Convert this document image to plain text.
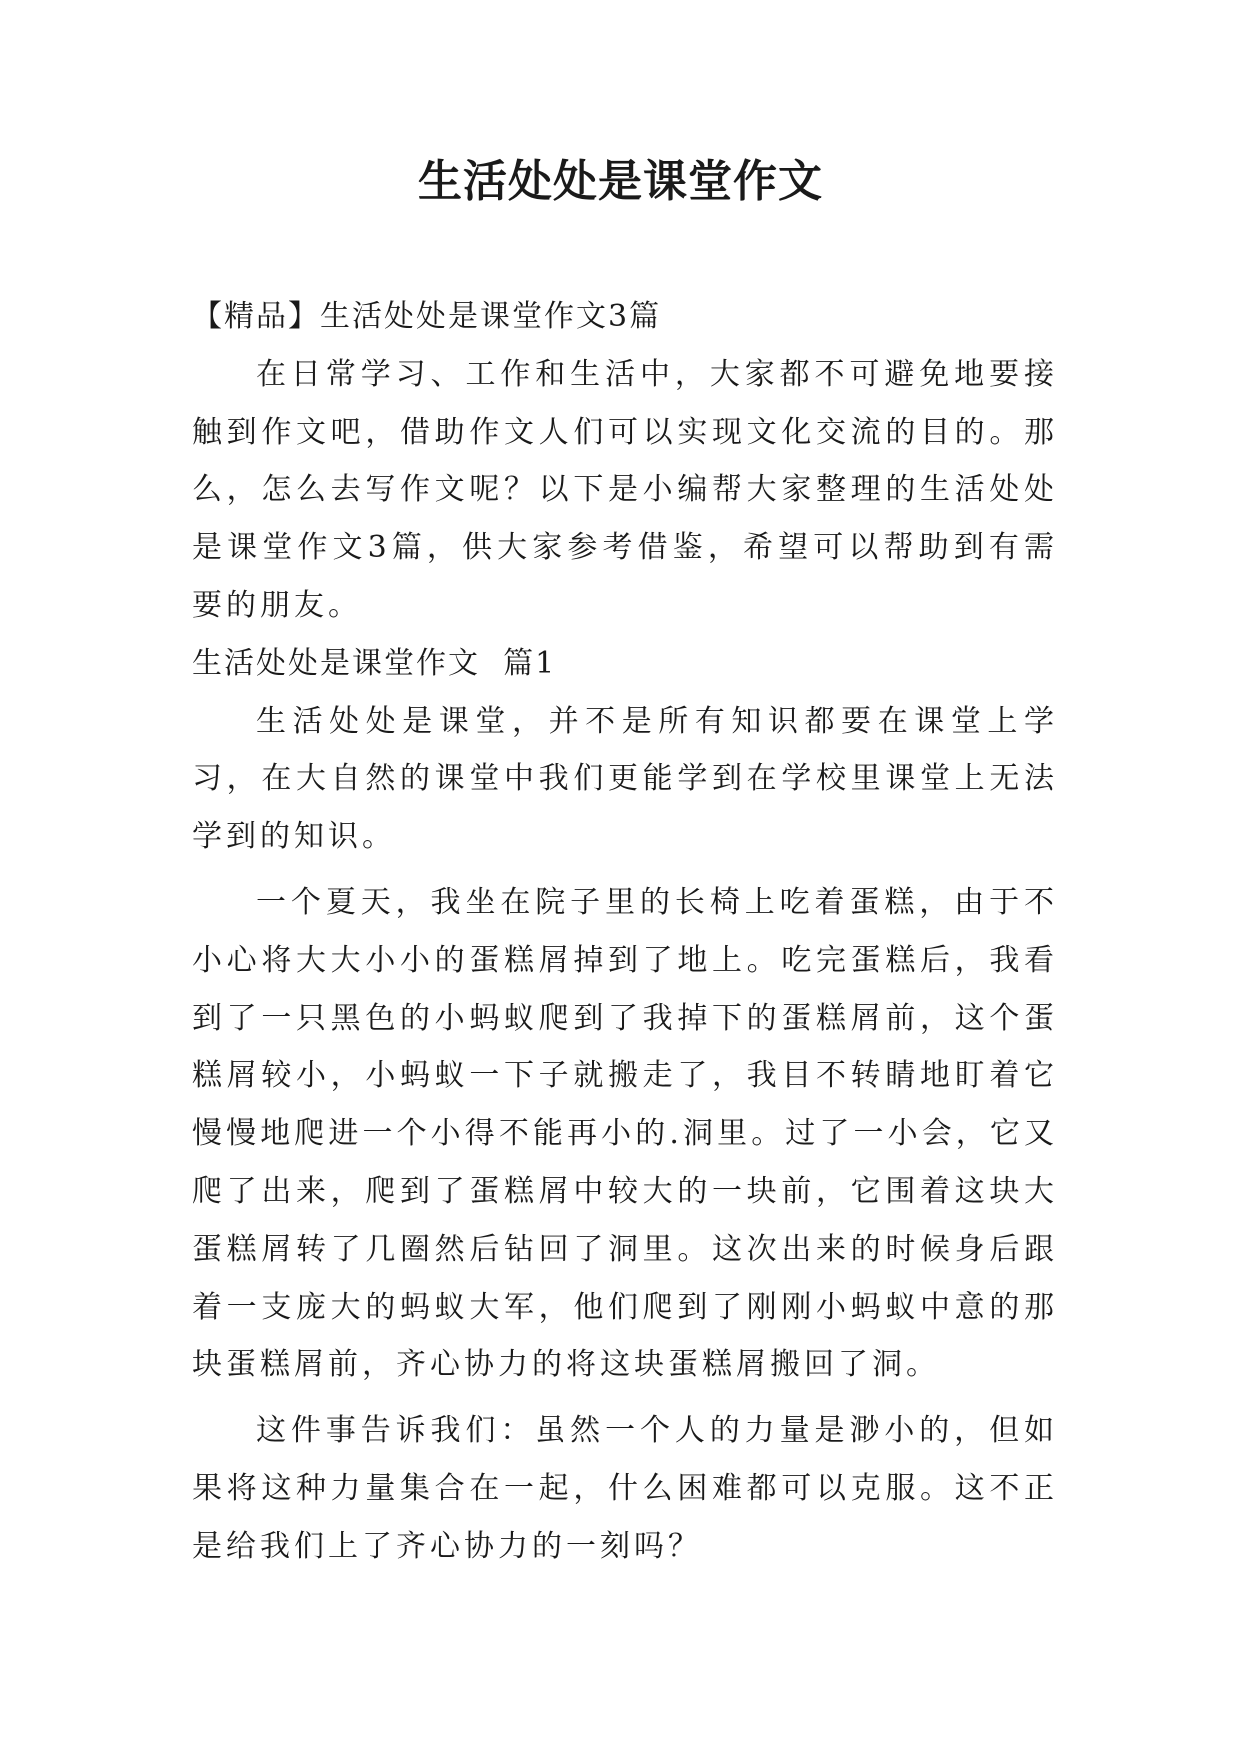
生活处处是课堂作文

【精品】生活处处是课堂作文3篇

在日常学习、工作和生活中，大家都不可避免地要接触到作文吧，借助作文人们可以实现文化交流的目的。那么，怎么去写作文呢？以下是小编帮大家整理的生活处处是课堂作文3篇，供大家参考借鉴，希望可以帮助到有需要的朋友。

生活处处是课堂作文  篇1

生活处处是课堂，并不是所有知识都要在课堂上学习，在大自然的课堂中我们更能学到在学校里课堂上无法学到的知识。

一个夏天，我坐在院子里的长椅上吃着蛋糕，由于不小心将大大小小的蛋糕屑掉到了地上。吃完蛋糕后，我看到了一只黑色的小蚂蚁爬到了我掉下的蛋糕屑前，这个蛋糕屑较小，小蚂蚁一下子就搬走了，我目不转睛地盯着它慢慢地爬进一个小得不能再小的.洞里。过了一小会，它又爬了出来，爬到了蛋糕屑中较大的一块前，它围着这块大蛋糕屑转了几圈然后钻回了洞里。这次出来的时候身后跟着一支庞大的蚂蚁大军，他们爬到了刚刚小蚂蚁中意的那块蛋糕屑前，齐心协力的将这块蛋糕屑搬回了洞。

这件事告诉我们：虽然一个人的力量是渺小的，但如果将这种力量集合在一起，什么困难都可以克服。这不正是给我们上了齐心协力的一刻吗？
